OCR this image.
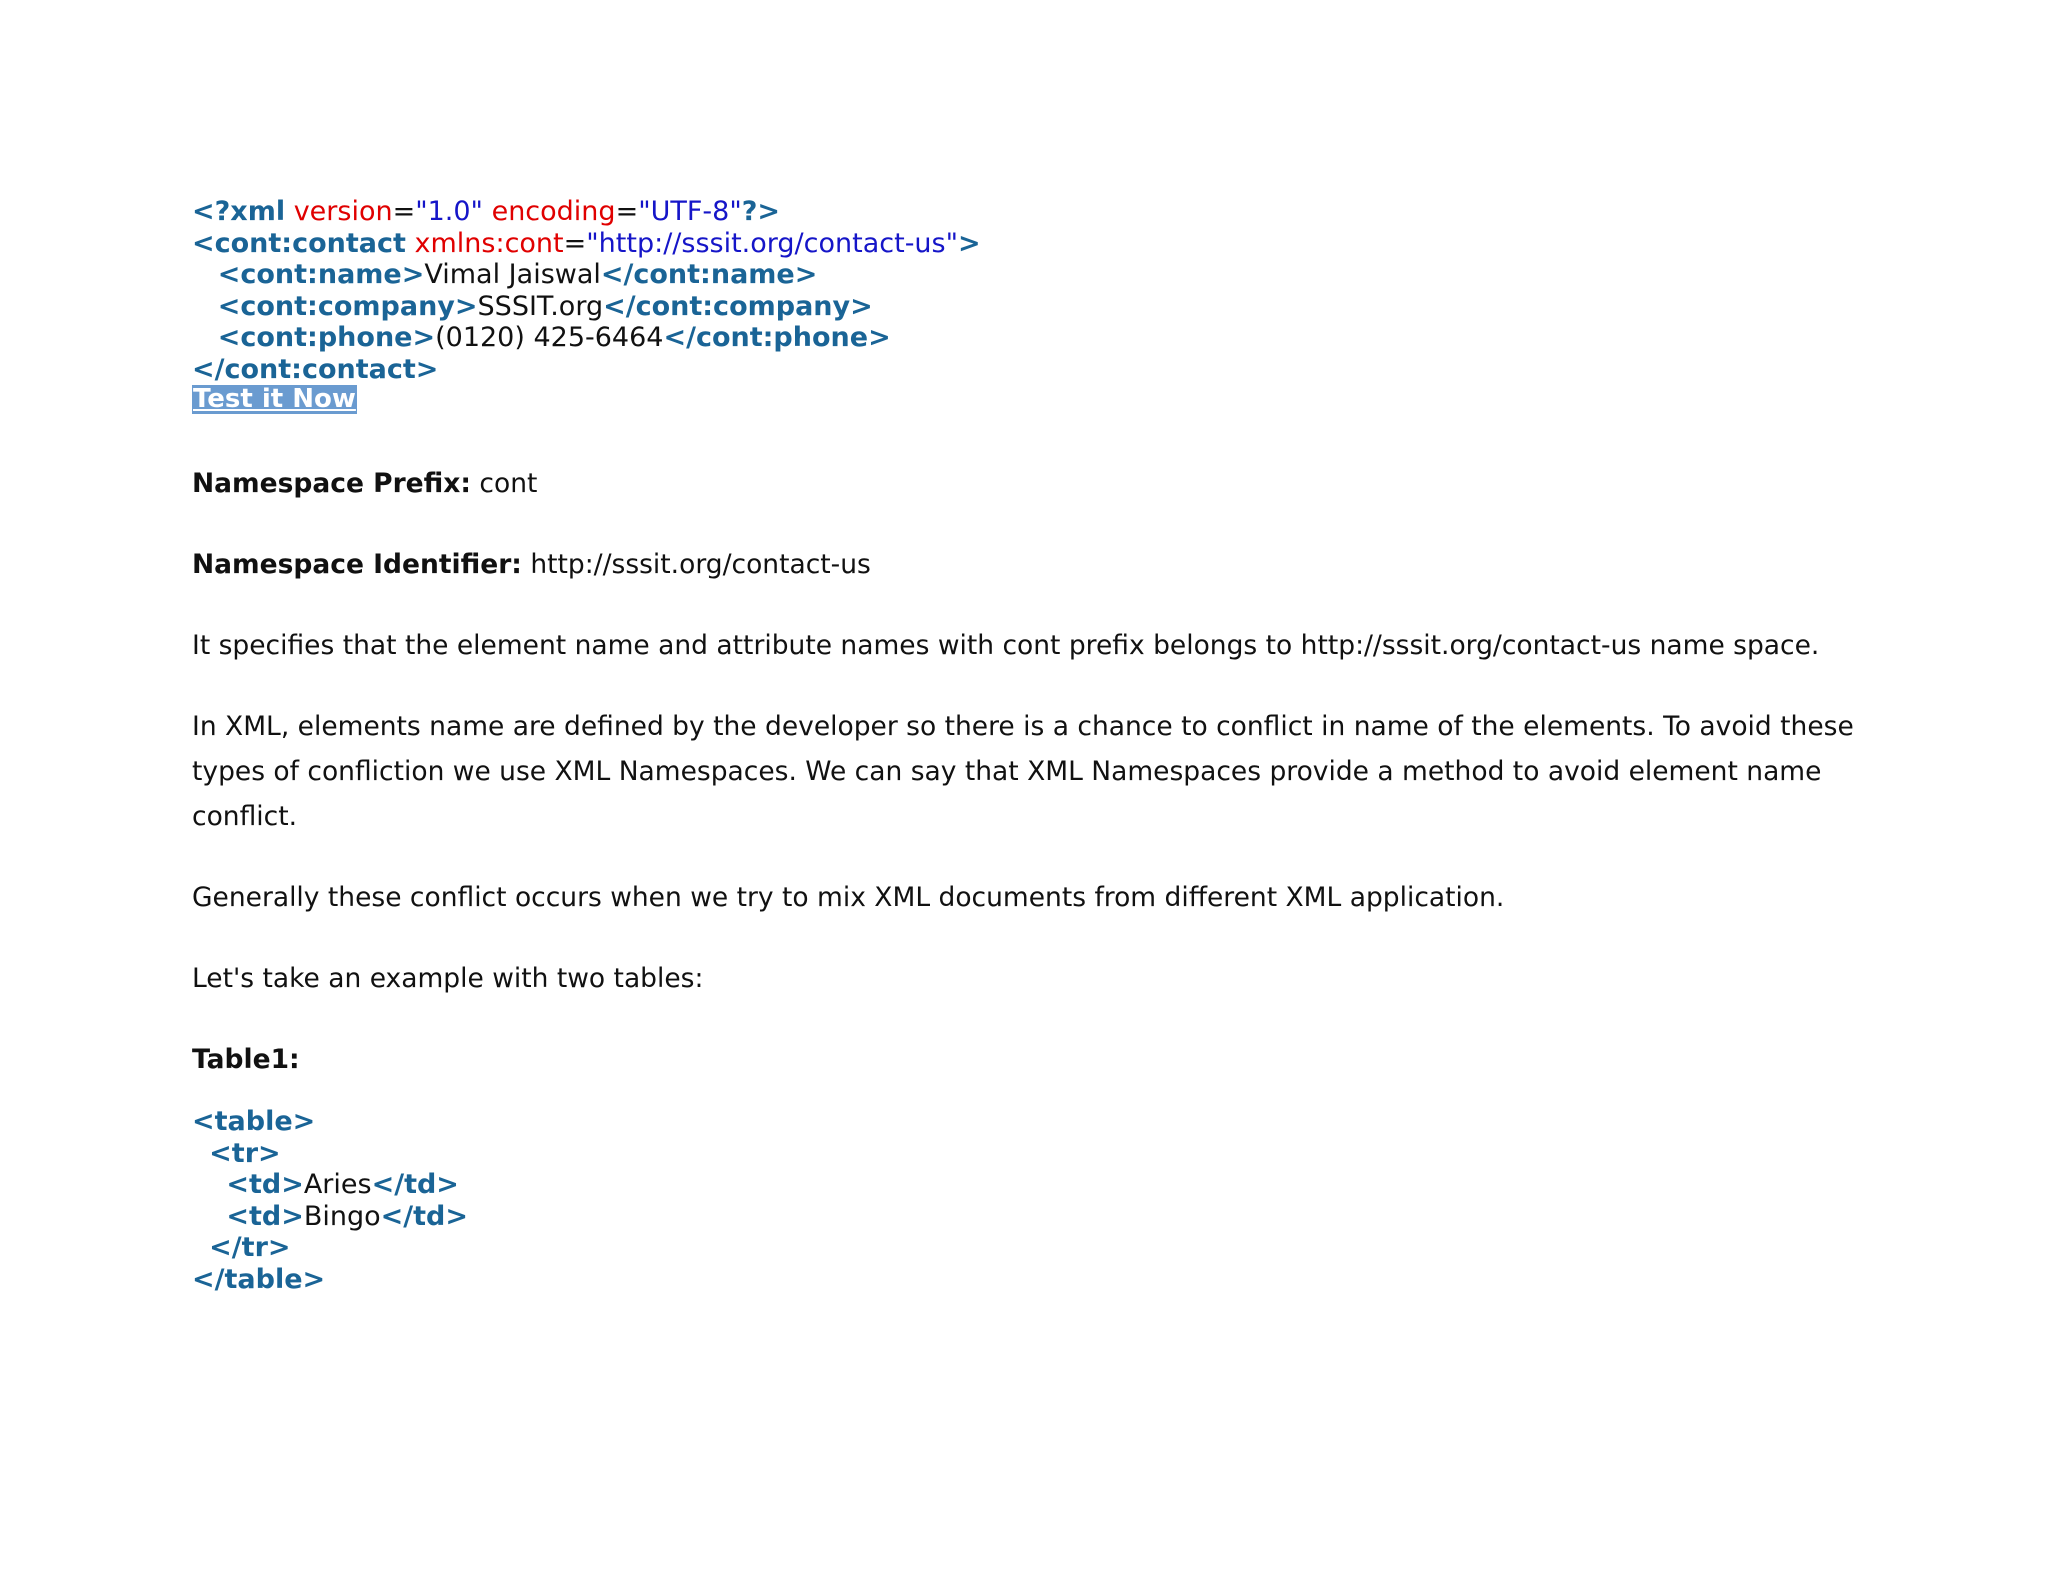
<?xml version="1.0" encoding="UTF-8"?>
<cont:contact xmlns:cont="http://sssit.org/contact-us">
<cont:name>Vimal Jaiswal</cont:name>
<cont:company>SSSIT.org</cont:company>
<cont:phone>(0120) 425-6464</cont:phone>
</cont:contact>
Test it Now

Namespace Prefix: cont

Namespace Identifier: http://sssit.org/contact-us

It specifies that the element name and attribute names with cont prefix belongs to http://sssit.org/contact-us name space.

In XML, elements name are defined by the developer so there is a chance to conflict in name of the elements. To avoid these types of confliction we use XML Namespaces. We can say that XML Namespaces provide a method to avoid element name conflict.

Generally these conflict occurs when we try to mix XML documents from different XML application.

Let's take an example with two tables:

Table1:

<table>
<tr>
<td>Aries</td>
<td>Bingo</td>
</tr>
</table>
